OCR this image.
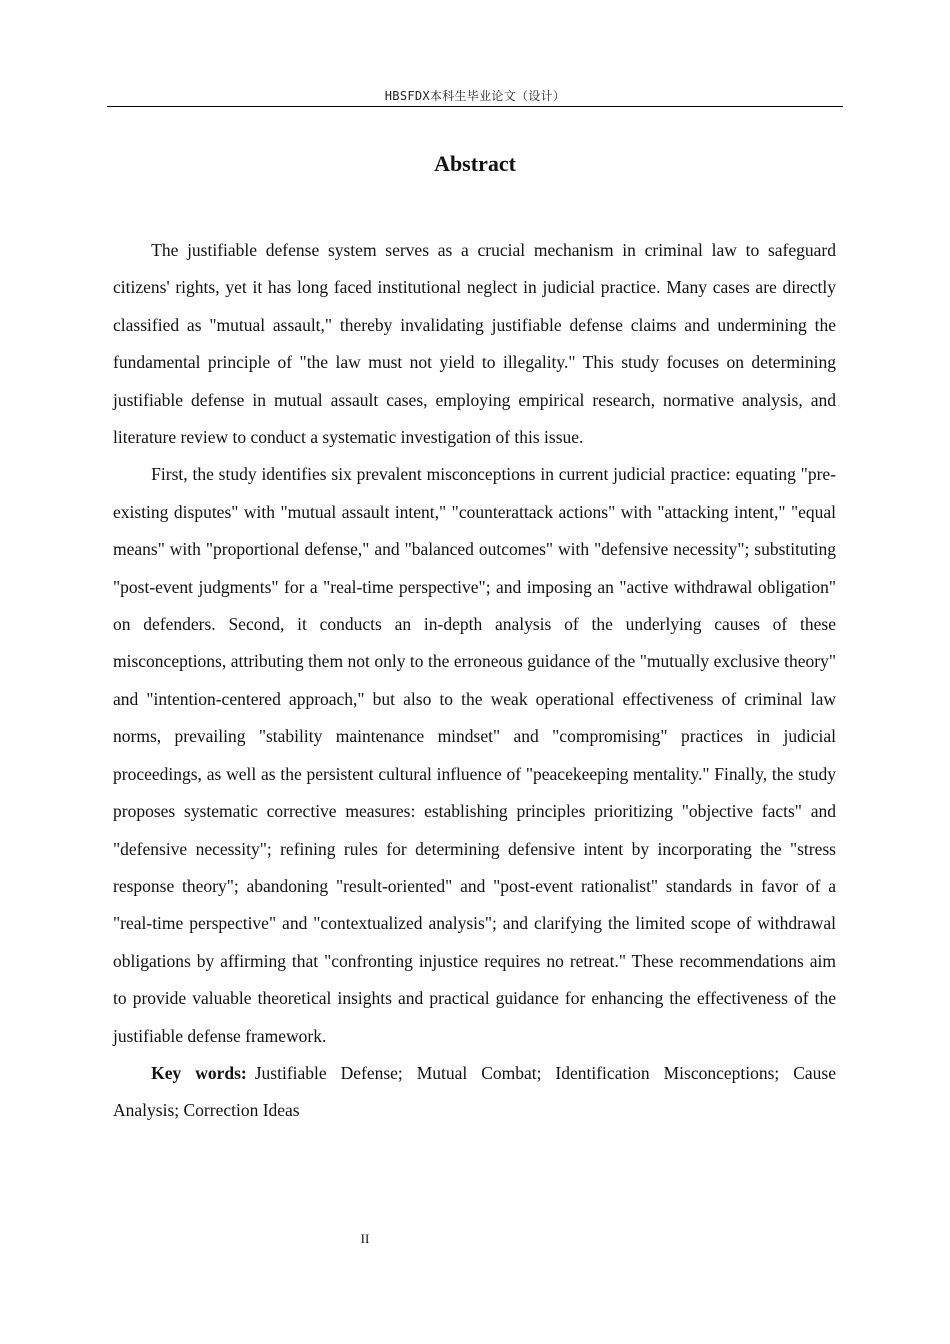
HBSFDX本科生毕业论文（设计）
Abstract

The justifiable defense system serves as a crucial mechanism in criminal law to safeguard citizens' rights, yet it has long faced institutional neglect in judicial practice. Many cases are directly classified as "mutual assault," thereby invalidating justifiable defense claims and undermining the fundamental principle of "the law must not yield to illegality." This study focuses on determining justifiable defense in mutual assault cases, employing empirical research, normative analysis, and literature review to conduct a systematic investigation of this issue.

First, the study identifies six prevalent misconceptions in current judicial practice: equating "pre-existing disputes" with "mutual assault intent," "counterattack actions" with "attacking intent," "equal means" with "proportional defense," and "balanced outcomes" with "defensive necessity"; substituting "post-event judgments" for a "real-time perspective"; and imposing an "active withdrawal obligation" on defenders. Second, it conducts an in-depth analysis of the underlying causes of these misconceptions, attributing them not only to the erroneous guidance of the "mutually exclusive theory" and "intention-centered approach," but also to the weak operational effectiveness of criminal law norms, prevailing "stability maintenance mindset" and "compromising" practices in judicial proceedings, as well as the persistent cultural influence of "peacekeeping mentality." Finally, the study proposes systematic corrective measures: establishing principles prioritizing "objective facts" and "defensive necessity"; refining rules for determining defensive intent by incorporating the "stress response theory"; abandoning "result-oriented" and "post-event rationalist" standards in favor of a "real-time perspective" and "contextualized analysis"; and clarifying the limited scope of withdrawal obligations by affirming that "confronting injustice requires no retreat." These recommendations aim to provide valuable theoretical insights and practical guidance for enhancing the effectiveness of the justifiable defense framework.

Key words: Justifiable Defense; Mutual Combat; Identification Misconceptions; Cause Analysis; Correction Ideas

II
